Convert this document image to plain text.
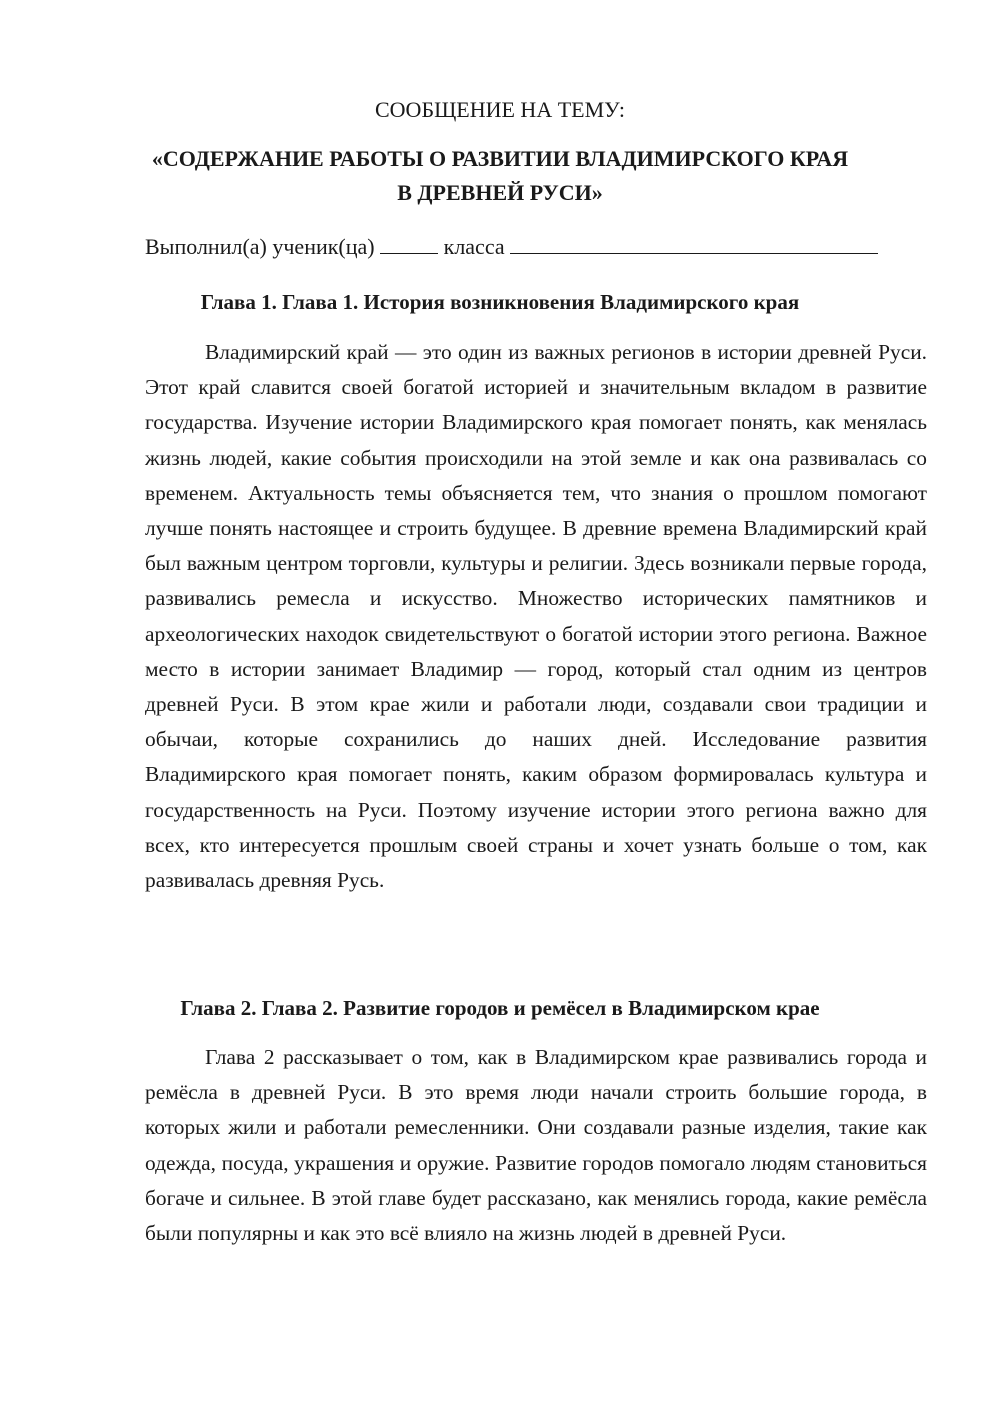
СООБЩЕНИЕ НА ТЕМУ:
«СОДЕРЖАНИЕ РАБОТЫ О РАЗВИТИИ ВЛАДИМИРСКОГО КРАЯ
В ДРЕВНЕЙ РУСИ»
Выполнил(а) ученик(ца)	класса
Глава 1. Глава 1. История возникновения Владимирского края

Владимирский край — это один из важных регионов в истории древней Руси. Этот край славится своей богатой историей и значительным вкладом в развитие государства. Изучение истории Владимирского края помогает понять, как менялась жизнь людей, какие события происходили на этой земле и как она развивалась со временем. Актуальность темы объясняется тем, что знания о прошлом помогают лучше понять настоящее и строить будущее. В древние времена Владимирский край был важным центром торговли, культуры и религии. Здесь возникали первые города, развивались ремесла и искусство. Множество исторических памятников и археологических находок свидетельствуют о богатой истории этого региона. Важное место в истории занимает Владимир — город, который стал одним из центров древней Руси. В этом крае жили и работали люди, создавали свои традиции и обычаи, которые сохранились до наших дней. Исследование развития Владимирского края помогает понять, каким образом формировалась культура и государственность на Руси. Поэтому изучение истории этого региона важно для всех, кто интересуется прошлым своей страны и хочет узнать больше о том, как развивалась древняя Русь.

Глава 2. Глава 2. Развитие городов и ремёсел в Владимирском крае

Глава 2 рассказывает о том, как в Владимирском крае развивались города и ремёсла в древней Руси. В это время люди начали строить большие города, в которых жили и работали ремесленники. Они создавали разные изделия, такие как одежда, посуда, украшения и оружие. Развитие городов помогало людям становиться богаче и сильнее. В этой главе будет рассказано, как менялись города, какие ремёсла были популярны и как это всё влияло на жизнь людей в древней Руси.
